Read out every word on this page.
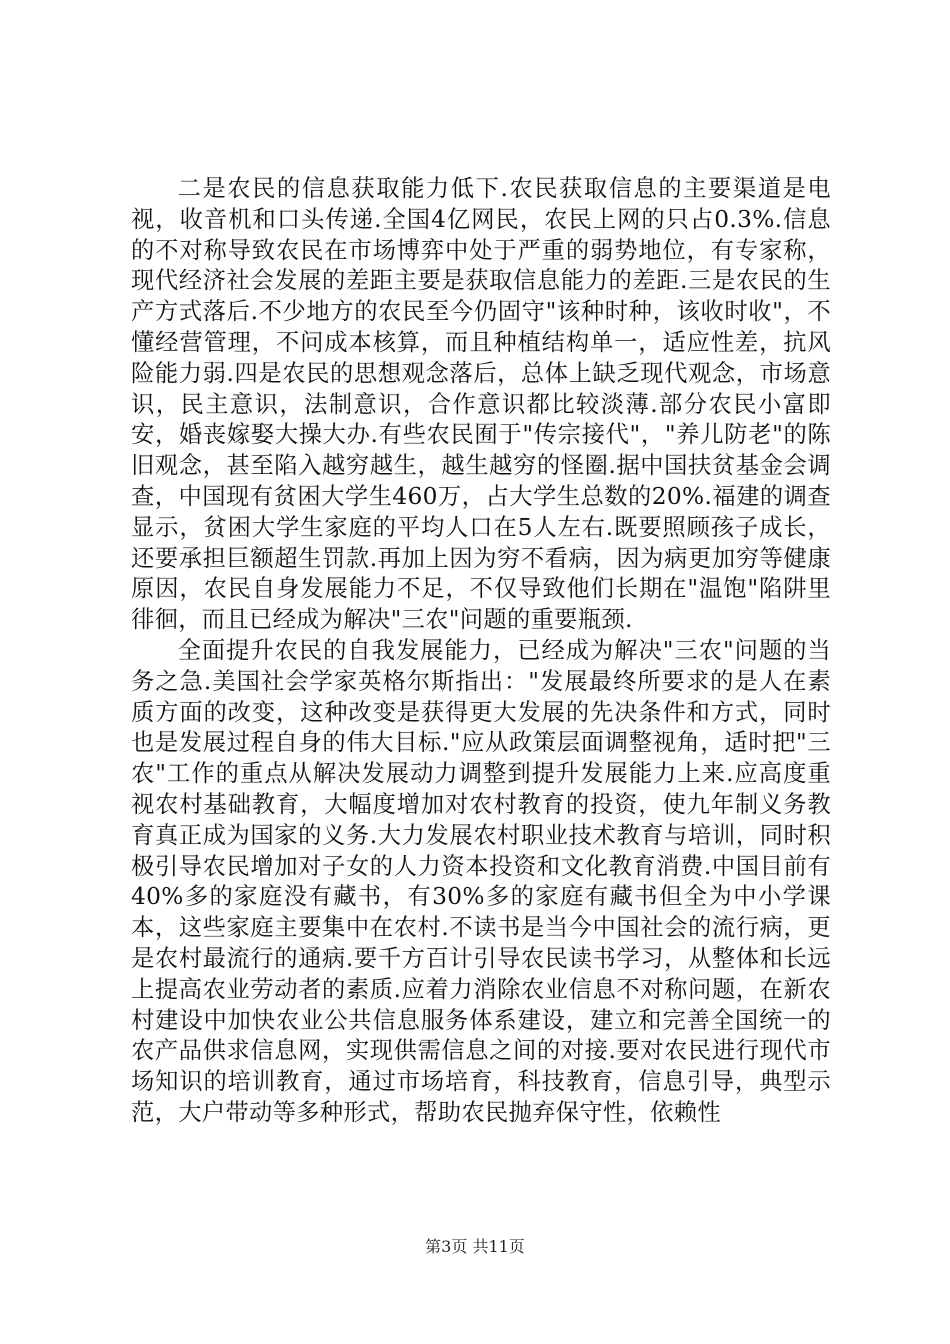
二是农民的信息获取能力低下.农民获取信息的主要渠道是电视，收音机和口头传递.全国4亿网民，农民上网的只占0.3%.信息的不对称导致农民在市场博弈中处于严重的弱势地位，有专家称，现代经济社会发展的差距主要是获取信息能力的差距.三是农民的生产方式落后.不少地方的农民至今仍固守"该种时种，该收时收"，不懂经营管理，不问成本核算，而且种植结构单一，适应性差，抗风险能力弱.四是农民的思想观念落后，总体上缺乏现代观念，市场意识，民主意识，法制意识，合作意识都比较淡薄.部分农民小富即安，婚丧嫁娶大操大办.有些农民囿于"传宗接代"，"养儿防老"的陈旧观念，甚至陷入越穷越生，越生越穷的怪圈.据中国扶贫基金会调查，中国现有贫困大学生460万，占大学生总数的20%.福建的调查显示，贫困大学生家庭的平均人口在5人左右.既要照顾孩子成长，还要承担巨额超生罚款.再加上因为穷不看病，因为病更加穷等健康原因，农民自身发展能力不足，不仅导致他们长期在"温饱"陷阱里徘徊，而且已经成为解决"三农"问题的重要瓶颈.

全面提升农民的自我发展能力，已经成为解决"三农"问题的当务之急.美国社会学家英格尔斯指出："发展最终所要求的是人在素质方面的改变，这种改变是获得更大发展的先决条件和方式，同时也是发展过程自身的伟大目标."应从政策层面调整视角，适时把"三农"工作的重点从解决发展动力调整到提升发展能力上来.应高度重视农村基础教育，大幅度增加对农村教育的投资，使九年制义务教育真正成为国家的义务.大力发展农村职业技术教育与培训，同时积极引导农民增加对子女的人力资本投资和文化教育消费.中国目前有40%多的家庭没有藏书，有30%多的家庭有藏书但全为中小学课本，这些家庭主要集中在农村.不读书是当今中国社会的流行病，更是农村最流行的通病.要千方百计引导农民读书学习，从整体和长远上提高农业劳动者的素质.应着力消除农业信息不对称问题，在新农村建设中加快农业公共信息服务体系建设，建立和完善全国统一的农产品供求信息网，实现供需信息之间的对接.要对农民进行现代市场知识的培训教育，通过市场培育，科技教育，信息引导，典型示范，大户带动等多种形式，帮助农民抛弃保守性，依赖性

第3页 共11页
